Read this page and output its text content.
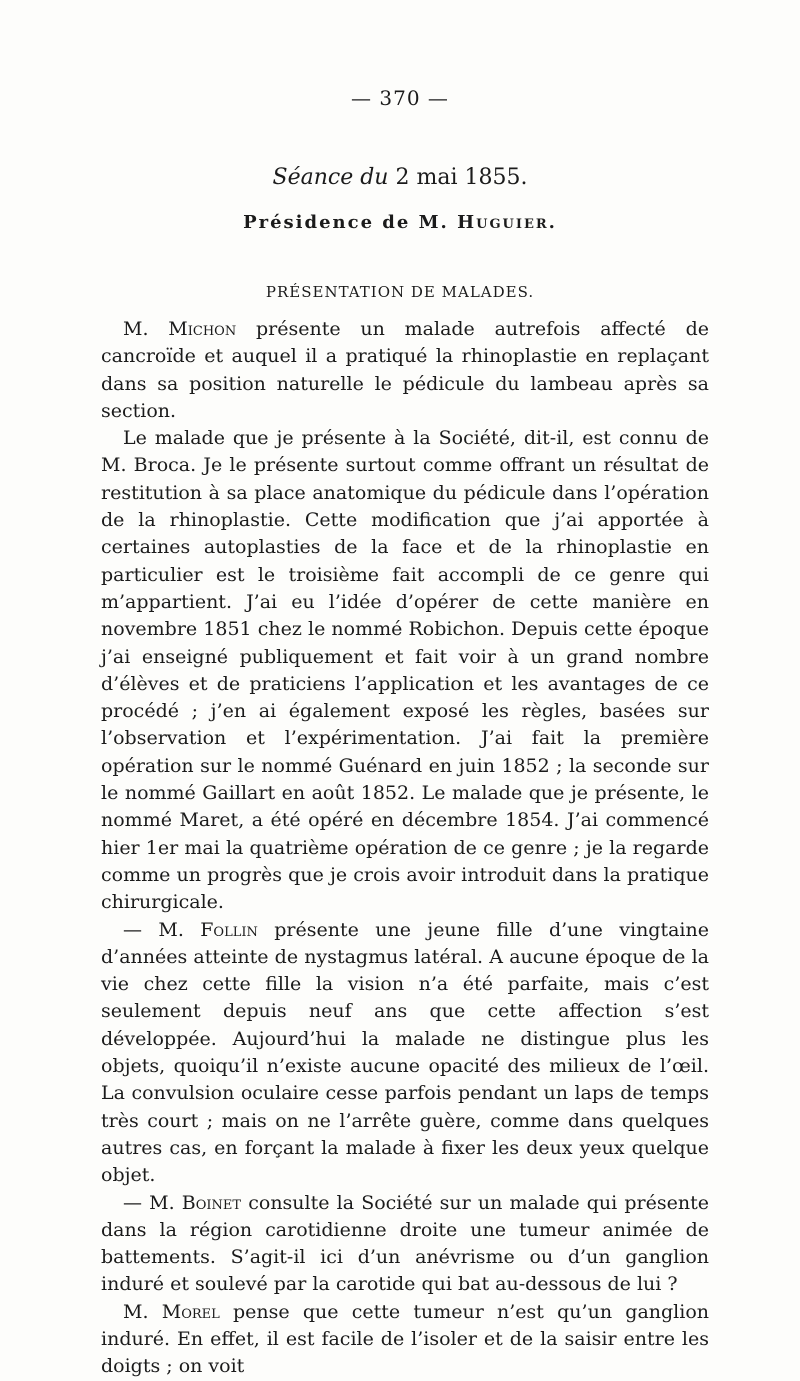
— 370 —
Séance du 2 mai 1855.
Présidence de M. Huguier.
PRÉSENTATION DE MALADES.

M. Michon présente un malade autrefois affecté de cancroïde et auquel il a pratiqué la rhinoplastie en replaçant dans sa position naturelle le pédicule du lambeau après sa section.

Le malade que je présente à la Société, dit-il, est connu de M. Broca. Je le présente surtout comme offrant un résultat de restitution à sa place anatomique du pédicule dans l’opération de la rhinoplastie. Cette modification que j’ai apportée à certaines autoplasties de la face et de la rhinoplastie en particulier est le troisième fait accompli de ce genre qui m’appartient. J’ai eu l’idée d’opérer de cette manière en novembre 1851 chez le nommé Robichon. Depuis cette époque j’ai enseigné publiquement et fait voir à un grand nombre d’élèves et de praticiens l’application et les avantages de ce procédé ; j’en ai également exposé les règles, basées sur l’observation et l’expérimentation. J’ai fait la première opération sur le nommé Guénard en juin 1852 ; la seconde sur le nommé Gaillart en août 1852. Le malade que je présente, le nommé Maret, a été opéré en décembre 1854. J’ai commencé hier 1er mai la quatrième opération de ce genre ; je la regarde comme un progrès que je crois avoir introduit dans la pratique chirurgicale.

— M. Follin présente une jeune fille d’une vingtaine d’années atteinte de nystagmus latéral. A aucune époque de la vie chez cette fille la vision n’a été parfaite, mais c’est seulement depuis neuf ans que cette affection s’est développée. Aujourd’hui la malade ne distingue plus les objets, quoiqu’il n’existe aucune opacité des milieux de l’œil. La convulsion oculaire cesse parfois pendant un laps de temps très court ; mais on ne l’arrête guère, comme dans quelques autres cas, en forçant la malade à fixer les deux yeux quelque objet.

— M. Boinet consulte la Société sur un malade qui présente dans la région carotidienne droite une tumeur animée de battements. S’agit-il ici d’un anévrisme ou d’un ganglion induré et soulevé par la carotide qui bat au-dessous de lui ?

M. Morel pense que cette tumeur n’est qu’un ganglion induré. En effet, il est facile de l’isoler et de la saisir entre les doigts ; on voit
